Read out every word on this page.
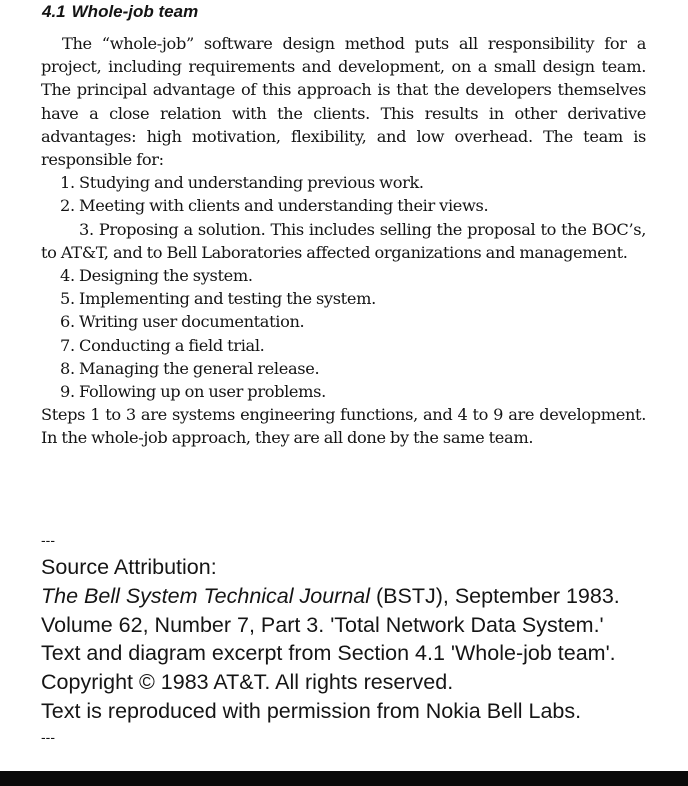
4.1 Whole-job team

The “whole-job” software design method puts all responsibility for a project, including requirements and development, on a small design team. The principal advantage of this approach is that the developers themselves have a close relation with the clients. This results in other derivative advantages: high motivation, flexibility, and low overhead. The team is responsible for:

1. Studying and understanding previous work.
2. Meeting with clients and understanding their views.
3. Proposing a solution. This includes selling the proposal to the BOC’s, to AT&T, and to Bell Laboratories affected organizations and management.
4. Designing the system.
5. Implementing and testing the system.
6. Writing user documentation.
7. Conducting a field trial.
8. Managing the general release.
9. Following up on user problems.

Steps 1 to 3 are systems engineering functions, and 4 to 9 are development. In the whole-job approach, they are all done by the same team.

---

Source Attribution:

The Bell System Technical Journal (BSTJ), September 1983.

Volume 62, Number 7, Part 3. 'Total Network Data System.'

Text and diagram excerpt from Section 4.1 'Whole-job team'.

Copyright © 1983 AT&T. All rights reserved.

Text is reproduced with permission from Nokia Bell Labs.

---
